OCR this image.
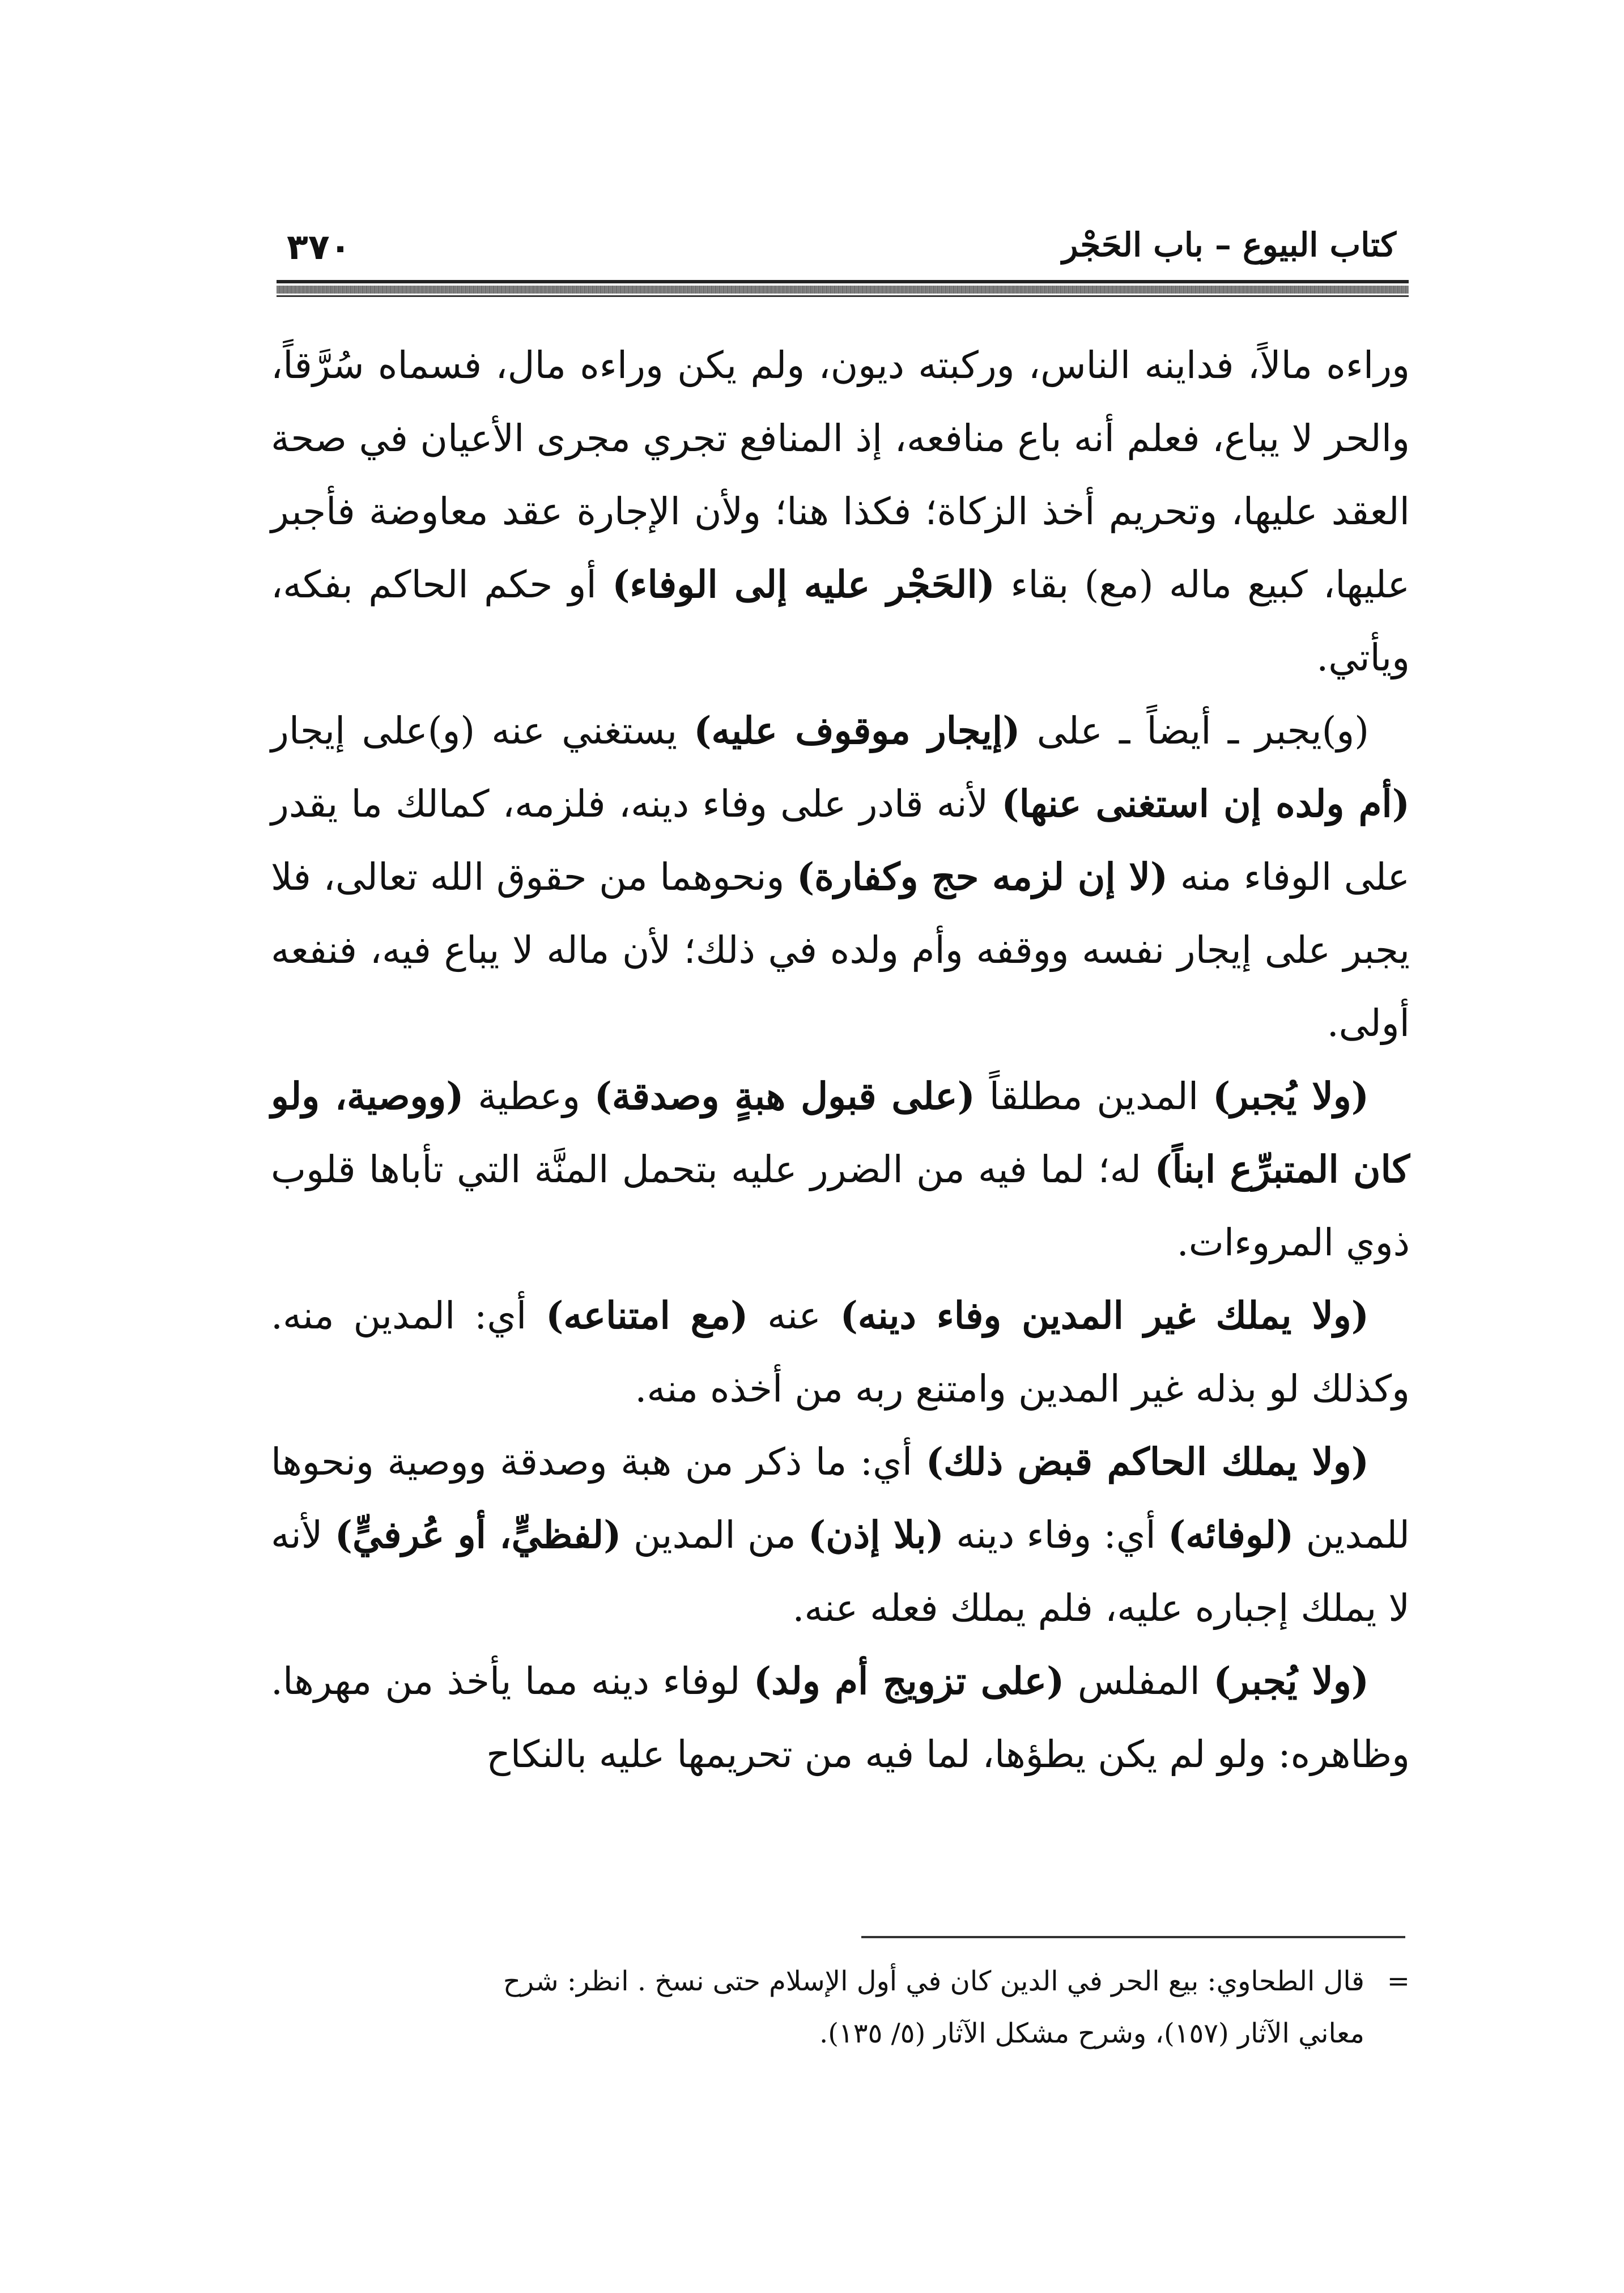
٣٧٠	كتاب البيوع – باب الحَجْر

وراءه مالاً، فداينه الناس، وركبته ديون، ولم يكن وراءه مال، فسماه سُرَّقاً، والحر لا يباع، فعلم أنه باع منافعه، إذ المنافع تجري مجرى الأعيان في صحة العقد عليها، وتحريم أخذ الزكاة؛ فكذا هنا؛ ولأن الإجارة عقد معاوضة فأجبر عليها، كبيع ماله (مع) بقاء (الحَجْر عليه إلى الوفاء) أو حكم الحاكم بفكه، ويأتي.

(و)يجبر ـ أيضاً ـ على (إيجار موقوف عليه) يستغني عنه (و)على إيجار (أم ولده إن استغنى عنها) لأنه قادر على وفاء دينه، فلزمه، كمالك ما يقدر على الوفاء منه (لا إن لزمه حج وكفارة) ونحوهما من حقوق الله تعالى، فلا يجبر على إيجار نفسه ووقفه وأم ولده في ذلك؛ لأن ماله لا يباع فيه، فنفعه أولى.

(ولا يُجبر) المدين مطلقاً (على قبول هبةٍ وصدقة) وعطية (ووصية، ولو كان المتبرِّع ابناً) له؛ لما فيه من الضرر عليه بتحمل المنَّة التي تأباها قلوب ذوي المروءات.

(ولا يملك غير المدين وفاء دينه) عنه (مع امتناعه) أي: المدين منه. وكذلك لو بذله غير المدين وامتنع ربه من أخذه منه.

(ولا يملك الحاكم قبض ذلك) أي: ما ذكر من هبة وصدقة ووصية ونحوها للمدين (لوفائه) أي: وفاء دينه (بلا إذن) من المدين (لفظيٍّ، أو عُرفيٍّ) لأنه لا يملك إجباره عليه، فلم يملك فعله عنه.

(ولا يُجبر) المفلس (على تزويج أم ولد) لوفاء دينه مما يأخذ من مهرها. وظاهره: ولو لم يكن يطؤها، لما فيه من تحريمها عليه بالنكاح

=قال الطحاوي: بيع الحر في الدين كان في أول الإسلام حتى نسخ . انظر: شرح
معاني الآثار (١٥٧)، وشرح مشكل الآثار (٥/ ١٣٥).
